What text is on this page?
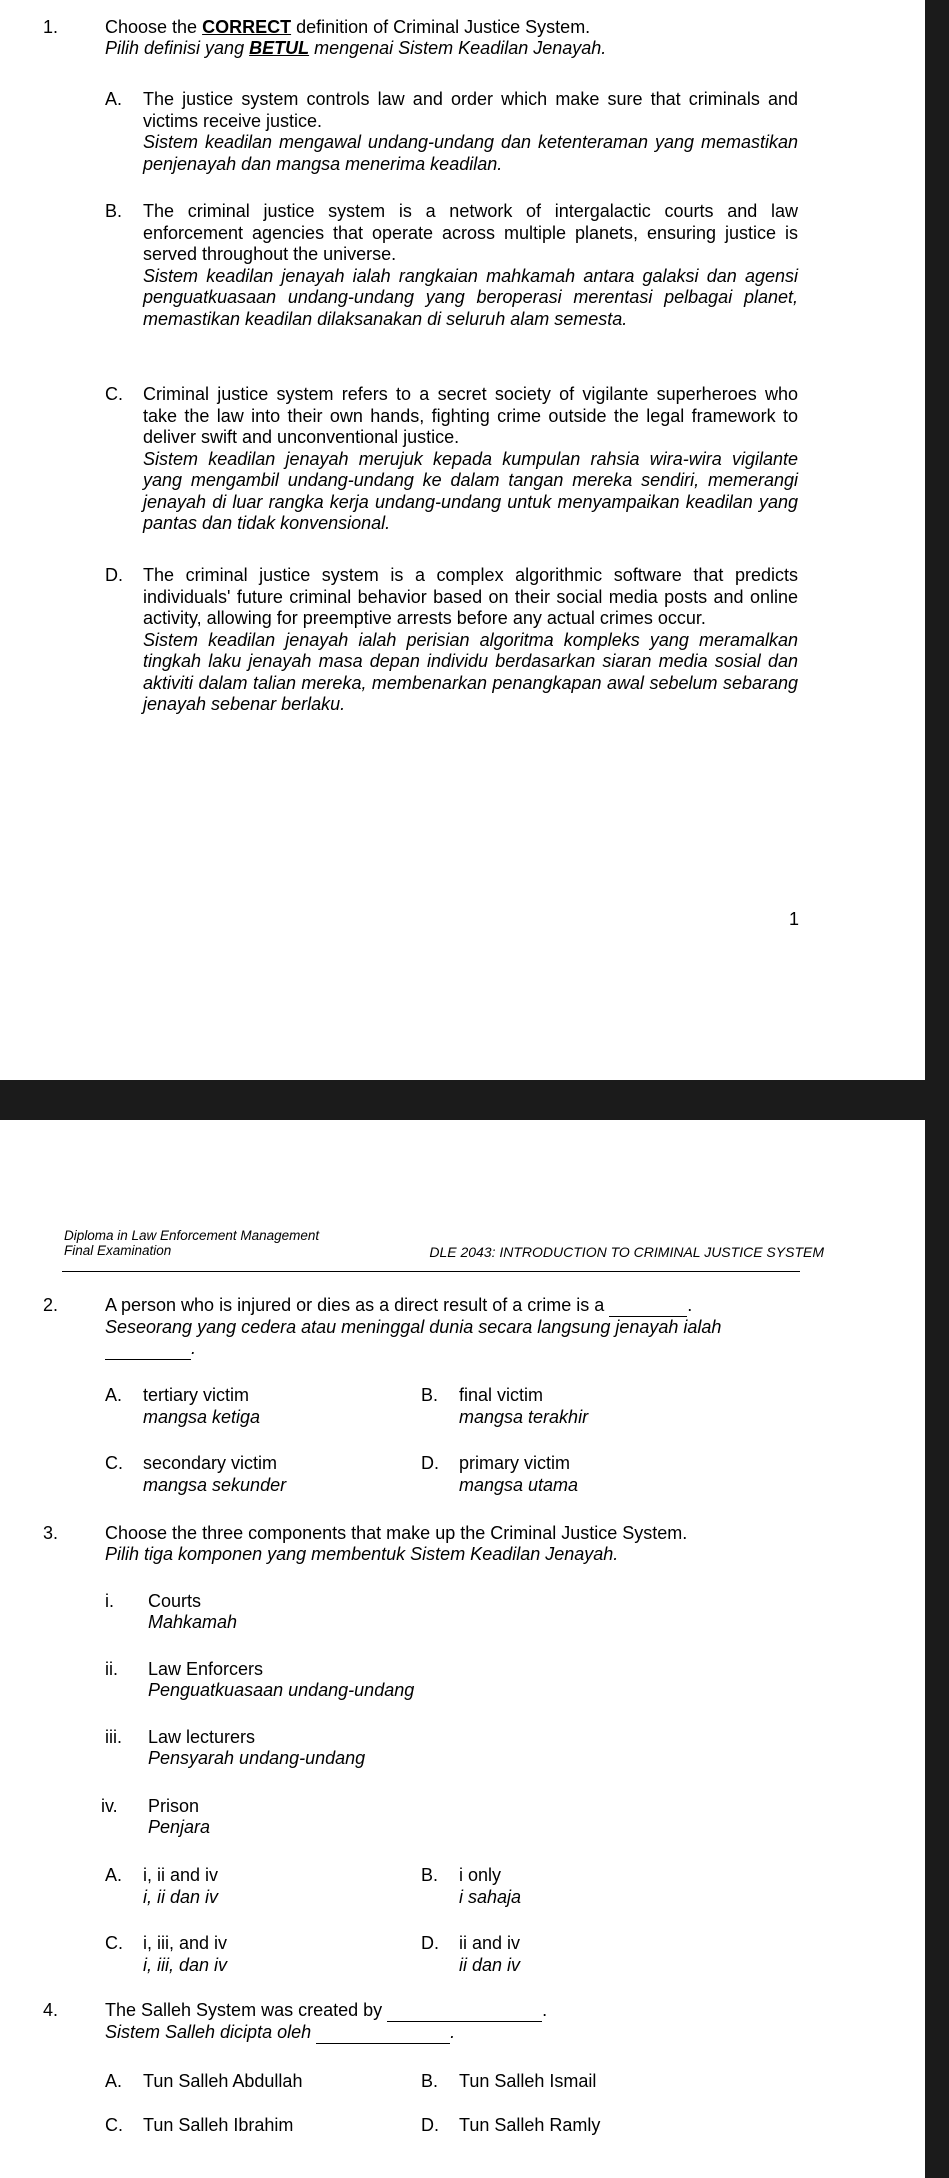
1.	Choose the CORRECT definition of Criminal Justice System.
Pilih definisi yang BETUL mengenai Sistem Keadilan Jenayah.
A. The justice system controls law and order which make sure that criminals and victims receive justice.
Sistem keadilan mengawal undang-undang dan ketenteraman yang memastikan penjenayah dan mangsa menerima keadilan.
B. The criminal justice system is a network of intergalactic courts and law enforcement agencies that operate across multiple planets, ensuring justice is served throughout the universe.
Sistem keadilan jenayah ialah rangkaian mahkamah antara galaksi dan agensi penguatkuasaan undang-undang yang beroperasi merentasi pelbagai planet, memastikan keadilan dilaksanakan di seluruh alam semesta.
C. Criminal justice system refers to a secret society of vigilante superheroes who take the law into their own hands, fighting crime outside the legal framework to deliver swift and unconventional justice.
Sistem keadilan jenayah merujuk kepada kumpulan rahsia wira-wira vigilante yang mengambil undang-undang ke dalam tangan mereka sendiri, memerangi jenayah di luar rangka kerja undang-undang untuk menyampaikan keadilan yang pantas dan tidak konvensional.
D. The criminal justice system is a complex algorithmic software that predicts individuals' future criminal behavior based on their social media posts and online activity, allowing for preemptive arrests before any actual crimes occur.
Sistem keadilan jenayah ialah perisian algoritma kompleks yang meramalkan tingkah laku jenayah masa depan individu berdasarkan siaran media sosial dan aktiviti dalam talian mereka, membenarkan penangkapan awal sebelum sebarang jenayah sebenar berlaku.
1
Diploma in Law Enforcement Management
Final Examination	DLE 2043: INTRODUCTION TO CRIMINAL JUSTICE SYSTEM
2.	A person who is injured or dies as a direct result of a crime is a	.
Seseorang yang cedera atau meninggal dunia secara langsung jenayah ialah
.
A. tertiary victim
mangsa ketiga
B. final victim
mangsa terakhir
C. secondary victim
mangsa sekunder
D. primary victim
mangsa utama
3.	Choose the three components that make up the Criminal Justice System.
Pilih tiga komponen yang membentuk Sistem Keadilan Jenayah.
i. Courts
Mahkamah
ii. Law Enforcers
Penguatkuasaan undang-undang
iii. Law lecturers
Pensyarah undang-undang
iv. Prison
Penjara
A. i, ii and iv
i, ii dan iv
B. i only
i sahaja
C. i, iii, and iv
i, iii, dan iv
D. ii and iv
ii dan iv
4.	The Salleh System was created by	.
Sistem Salleh dicipta oleh	.
A. Tun Salleh Abdullah	B. Tun Salleh Ismail
C. Tun Salleh Ibrahim	D. Tun Salleh Ramly
